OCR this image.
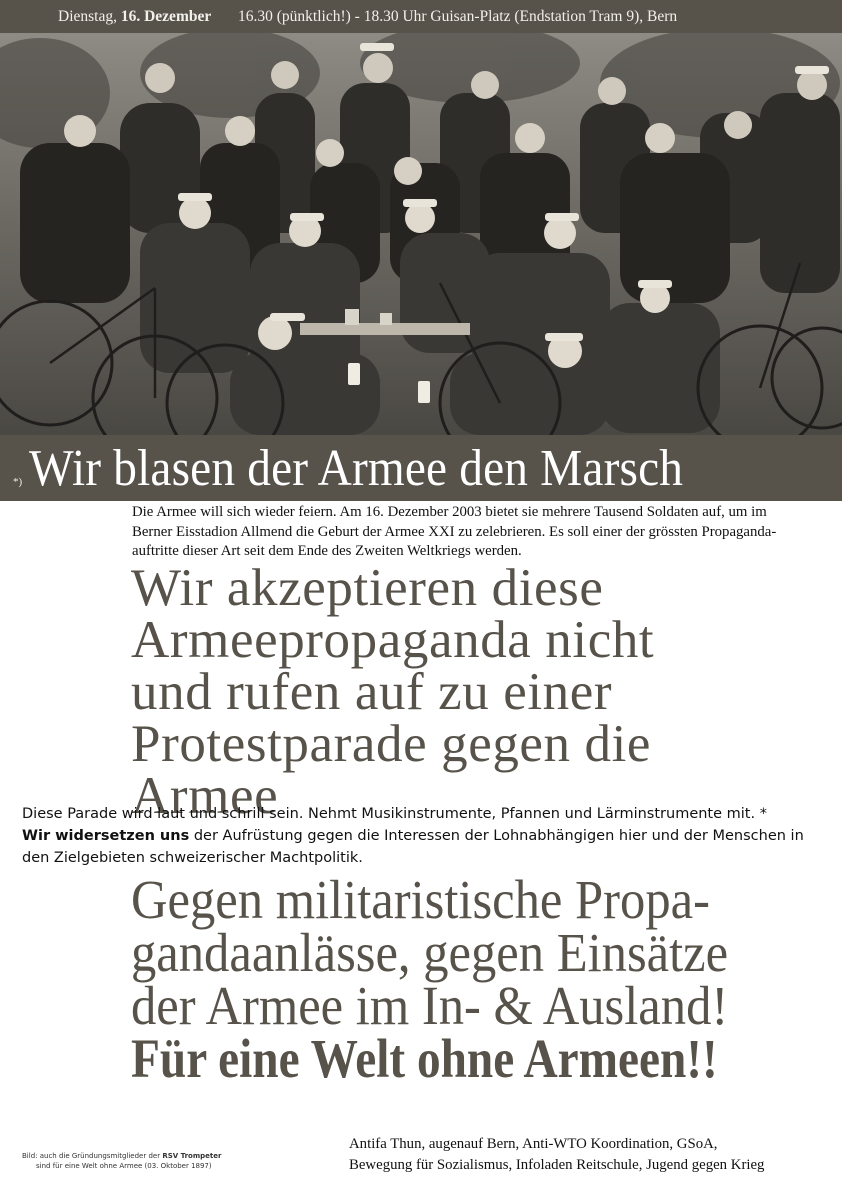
Dienstag, 16. Dezember 16.30 (pünktlich!) - 18.30 Uhr Guisan-Platz (Endstation Tram 9), Bern
*) Wir blasen der Armee den Marsch
Die Armee will sich wieder feiern. Am 16. Dezember 2003 bietet sie mehrere Tausend Soldaten auf, um im
Berner Eisstadion Allmend die Geburt der Armee XXI zu zelebrieren. Es soll einer der grössten Propaganda-
auftritte dieser Art seit dem Ende des Zweiten Weltkriegs werden.
Wir akzeptieren diese
Armeepropaganda nicht
und rufen auf zu einer
Protestparade gegen die
Armee
Diese Parade wird laut und schrill sein. Nehmt Musikinstrumente, Pfannen und Lärminstrumente mit. *
Wir widersetzen uns der Aufrüstung gegen die Interessen der Lohnabhängigen hier und der Menschen in
den Zielgebieten schweizerischer Machtpolitik.
Gegen militaristische Propa-
gandaanlässe, gegen Einsätze
der Armee im In- & Ausland!
Für eine Welt ohne Armeen!!
Bild: auch die Gründungsmitglieder der RSV Trompeter
sind für eine Welt ohne Armee (03. Oktober 1897)
Antifa Thun, augenauf Bern, Anti-WTO Koordination, GSoA,
Bewegung für Sozialismus, Infoladen Reitschule, Jugend gegen Krieg
